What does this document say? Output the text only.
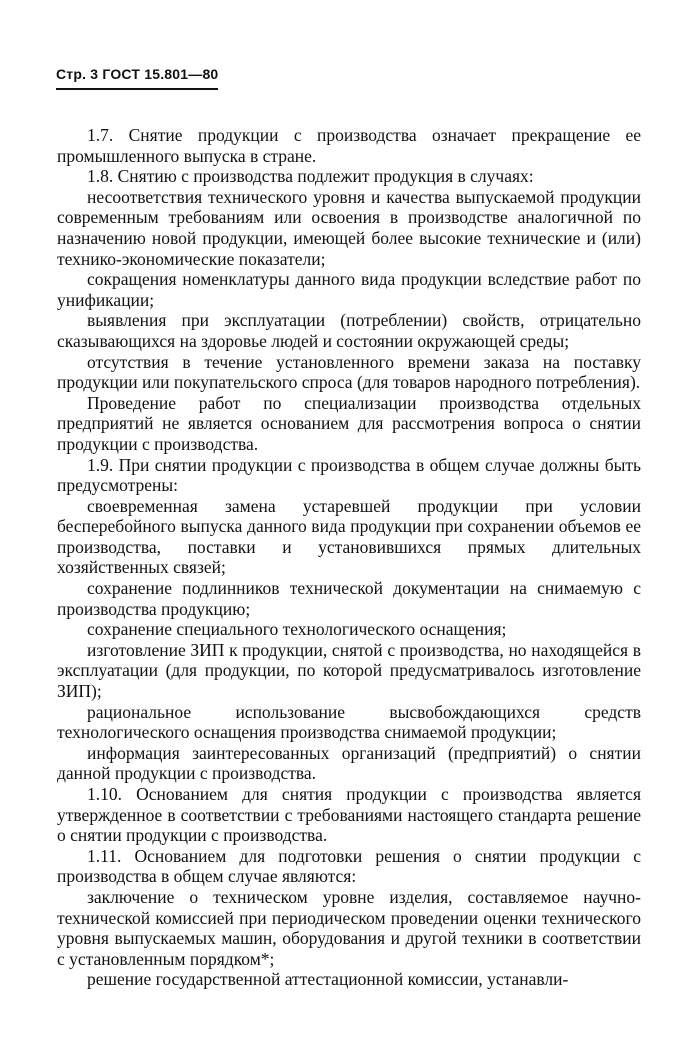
Стр. 3 ГОСТ 15.801—80

1.7. Снятие продукции с производства означает прекращение ее промышленного выпуска в стране.

1.8. Снятию с производства подлежит продукция в случаях:

несоответствия технического уровня и качества выпускаемой продукции современным требованиям или освоения в производстве аналогичной по назначению новой продукции, имеющей более высокие технические и (или) технико-экономические показатели;

сокращения номенклатуры данного вида продукции вследствие работ по унификации;

выявления при эксплуатации (потреблении) свойств, отрицательно сказывающихся на здоровье людей и состоянии окружающей среды;

отсутствия в течение установленного времени заказа на поставку продукции или покупательского спроса (для товаров народного потребления).

Проведение работ по специализации производства отдельных предприятий не является основанием для рассмотрения вопроса о снятии продукции с производства.

1.9. При снятии продукции с производства в общем случае должны быть предусмотрены:

своевременная замена устаревшей продукции при условии бесперебойного выпуска данного вида продукции при сохранении объемов ее производства, поставки и установившихся прямых длительных хозяйственных связей;

сохранение подлинников технической документации на снимаемую с производства продукцию;

сохранение специального технологического оснащения;

изготовление ЗИП к продукции, снятой с производства, но находящейся в эксплуатации (для продукции, по которой предусматривалось изготовление ЗИП);

рациональное использование высвобождающихся средств технологического оснащения производства снимаемой продукции;

информация заинтересованных организаций (предприятий) о снятии данной продукции с производства.

1.10. Основанием для снятия продукции с производства является утвержденное в соответствии с требованиями настоящего стандарта решение о снятии продукции с производства.

1.11. Основанием для подготовки решения о снятии продукции с производства в общем случае являются:

заключение о техническом уровне изделия, составляемое научно-технической комиссией при периодическом проведении оценки технического уровня выпускаемых машин, оборудования и другой техники в соответствии с установленным порядком*;

решение государственной аттестационной комиссии, устанавли-
